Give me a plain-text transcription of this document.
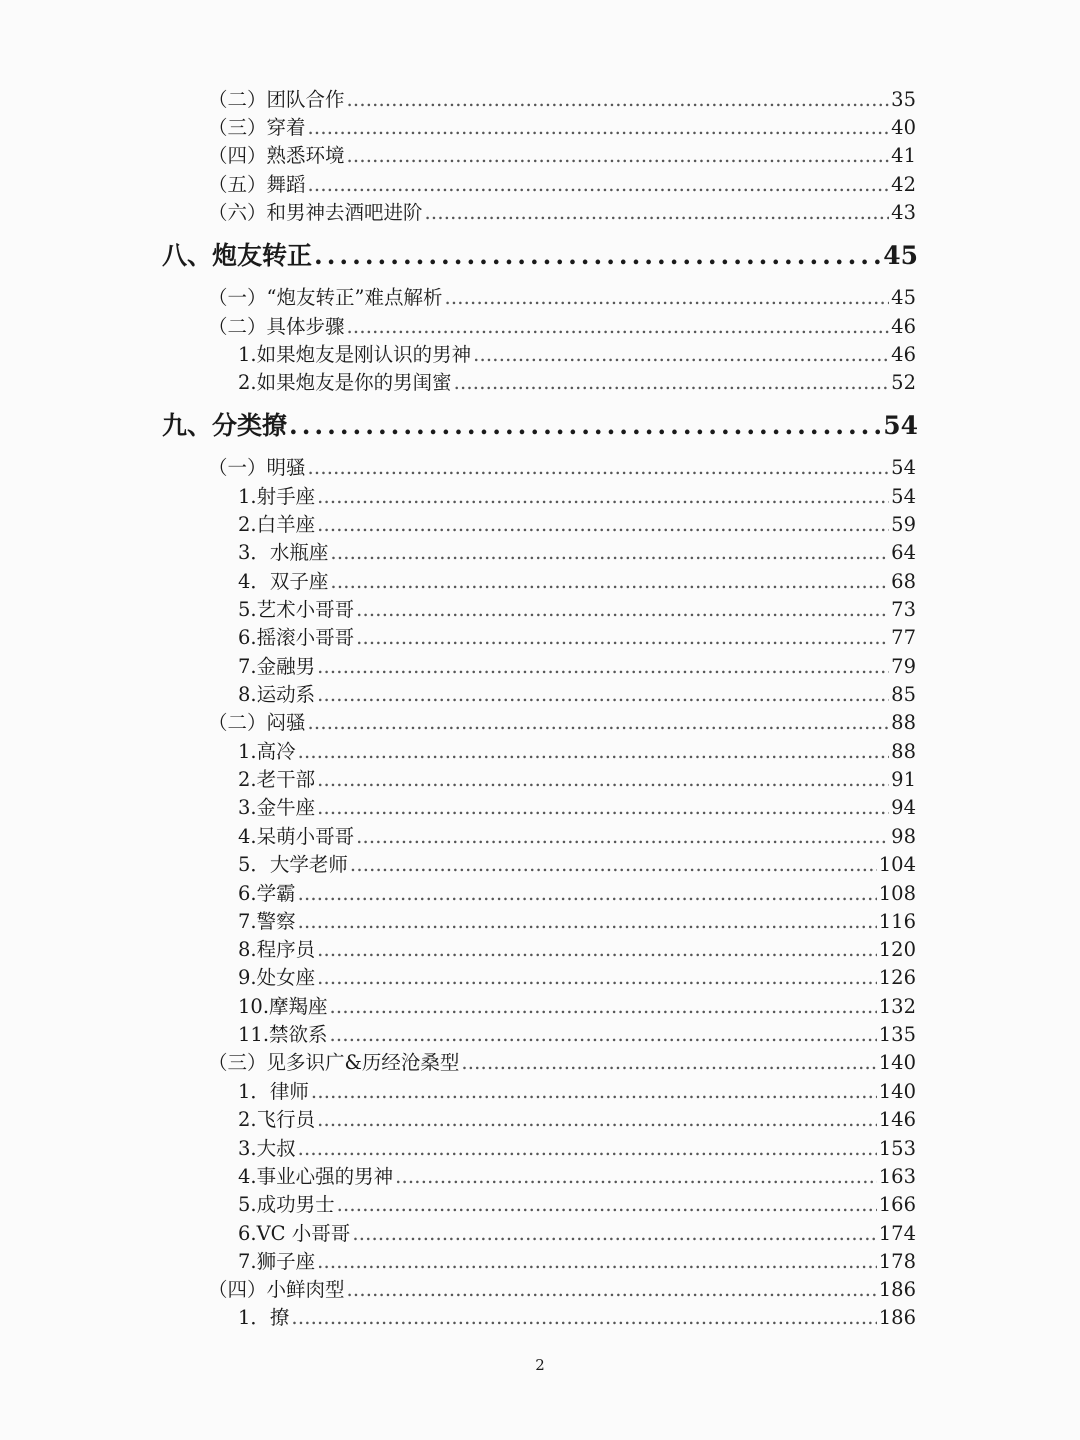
（二）团队合作 .....	35
（三）穿着 .....	40
（四）熟悉环境 .....	41
（五）舞蹈 .....	42
（六）和男神去酒吧进阶 .....	43
八、炮友转正 .....	45
（一）“炮友转正”难点解析 .....	45
（二）具体步骤 .....	46
1.如果炮友是刚认识的男神 .....	46
2.如果炮友是你的男闺蜜 .....	52
九、分类撩 .....	54
（一）明骚 .....	54
1.射手座 .....	54
2.白羊座 .....	59
3．水瓶座 .....	64
4．双子座 .....	68
5.艺术小哥哥 .....	73
6.摇滚小哥哥 .....	77
7.金融男 .....	79
8.运动系 .....	85
（二）闷骚 .....	88
1.高冷 .....	88
2.老干部 .....	91
3.金牛座 .....	94
4.呆萌小哥哥 .....	98
5．大学老师 .....	104
6.学霸 .....	108
7.警察 .....	116
8.程序员 .....	120
9.处女座 .....	126
10.摩羯座 .....	132
11.禁欲系 .....	135
（三）见多识广&历经沧桑型 .....	140
1．律师 .....	140
2.飞行员 .....	146
3.大叔 .....	153
4.事业心强的男神 .....	163
5.成功男士 .....	166
6.VC 小哥哥 .....	174
7.狮子座 .....	178
（四）小鲜肉型 .....	186
1．撩 .....	186
2
